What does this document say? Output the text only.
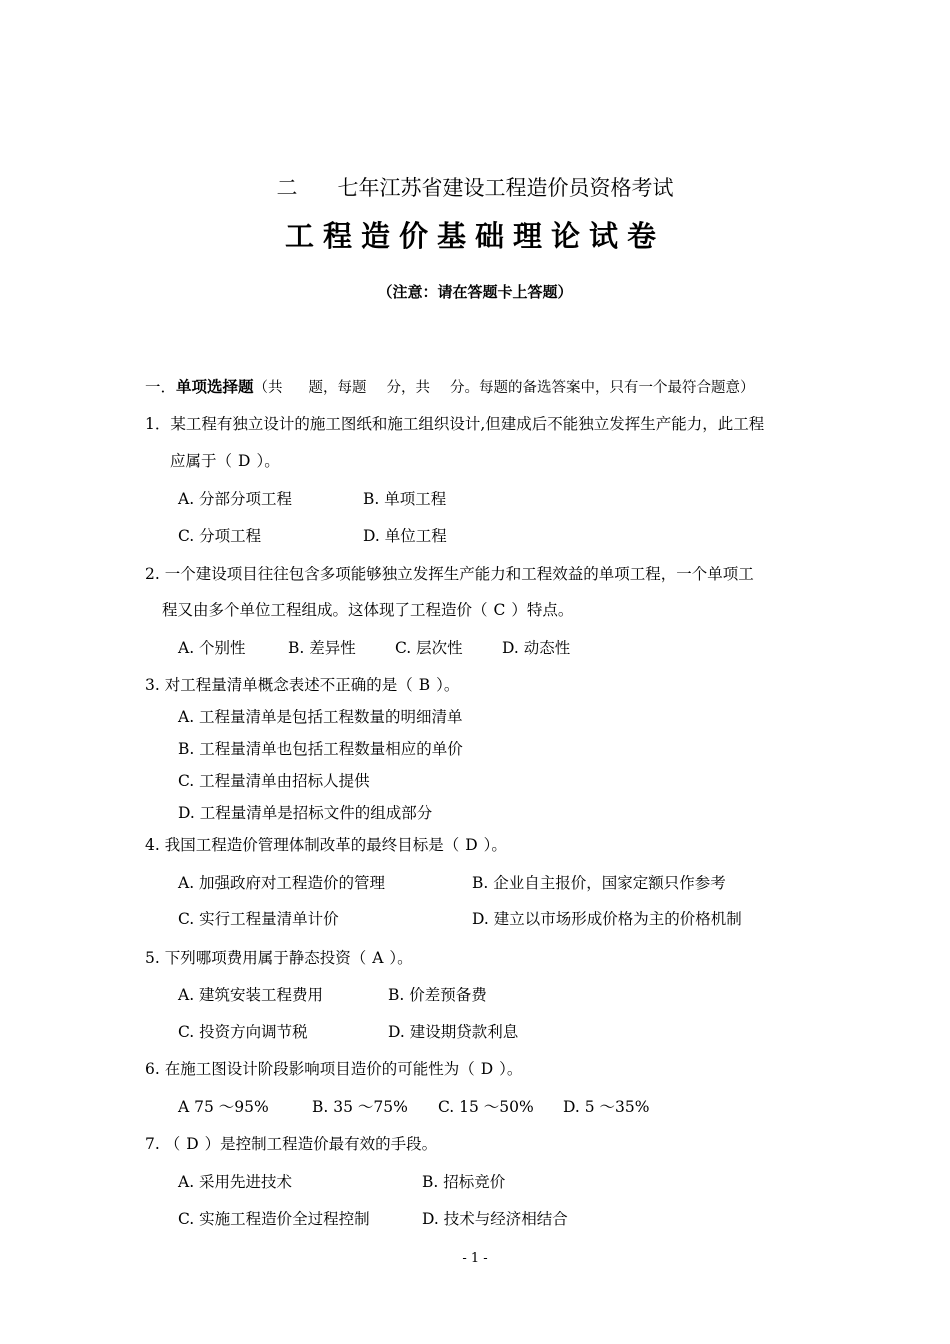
二 七年江苏省建设工程造价员资格考试
工程造价基础理论试卷
（注意：请在答题卡上答题）
一．单项选择题（共 题，每题 分，共 分。每题的备选答案中，只有一个最符合题意）
1．某工程有独立设计的施工图纸和施工组织设计,但建成后不能独立发挥生产能力，此工程
应属于（ D ）。
A. 分部分项工程	B. 单项工程
C. 分项工程	D. 单位工程
2. 一个建设项目往往包含多项能够独立发挥生产能力和工程效益的单项工程，一个单项工
程又由多个单位工程组成。这体现了工程造价（ C ）特点。
A. 个别性	B. 差异性	C. 层次性	D. 动态性
3. 对工程量清单概念表述不正确的是（ B ）。
A. 工程量清单是包括工程数量的明细清单
B. 工程量清单也包括工程数量相应的单价
C. 工程量清单由招标人提供
D. 工程量清单是招标文件的组成部分
4. 我国工程造价管理体制改革的最终目标是（ D ）。
A. 加强政府对工程造价的管理	B. 企业自主报价，国家定额只作参考
C. 实行工程量清单计价	D. 建立以市场形成价格为主的价格机制
5. 下列哪项费用属于静态投资（ A ）。
A. 建筑安装工程费用	B. 价差预备费
C. 投资方向调节税	D. 建设期贷款利息
6. 在施工图设计阶段影响项目造价的可能性为（ D ）。
A 75 ～95%	B. 35 ～75% C. 15 ～50% D. 5 ～35%
7. （ D ）是控制工程造价最有效的手段。
A. 采用先进技术	B. 招标竞价
C. 实施工程造价全过程控制	D. 技术与经济相结合
- 1 -
